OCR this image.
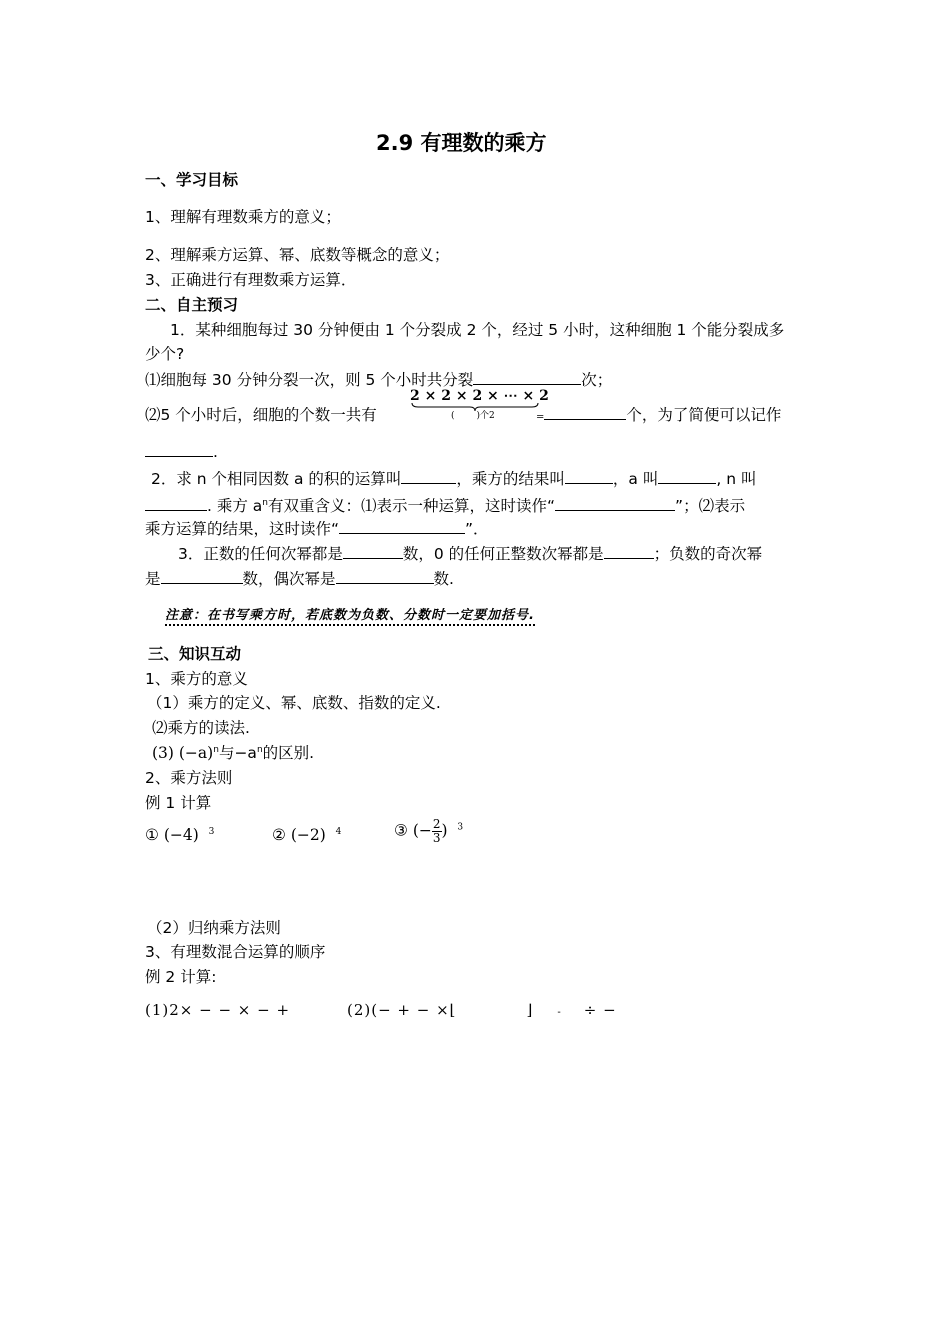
2.9 有理数的乘方
一、学习目标
1、理解有理数乘方的意义；
2、理解乘方运算、幂、底数等概念的意义；
3、正确进行有理数乘方运算．
二、自主预习
1．某种细胞每过 30 分钟便由 1 个分裂成 2 个，经过 5 小时，这种细胞 1 个能分裂成多
少个?
⑴细胞每 30 分钟分裂一次，则 5 个小时共分裂	次；
⑵5 个小时后，细胞的个数一共有
2 × 2 × 2 × ⋯ × 2
( )个2	=	个，为了简便可以记作
.
2．求 n 个相同因数 a 的积的运算叫	，乘方的结果叫	，a 叫	, n 叫
. 乘方 $a^n$有双重含义：⑴表示一种运算，这时读作“	”；⑵表示
乘方运算的结果，这时读作“	”．
3．正数的任何次幂都是	数，0 的任何正整数次幂都是	；负数的奇次幂
是	数，偶次幂是	数.
注意：在书写乘方时，若底数为负数、分数时一定要加括号.
三、知识互动
1、乘方的意义
（1）乘方的定义、幂、底数、指数的定义.
⑵乘方的读法.
(3) $(-a)^n$与$-a^n$的区别.
2、乘方法则
例 1 计算
① (−4) $^3$	② (−2) $^4$	③ (− $\frac{2}{3}$ ) $^3$
（2）归纳乘方法则
3、有理数混合运算的顺序
例 2 计算:
(1)2× − − × − +	(2)(− + − ×⌊	⌋ - ÷ −
